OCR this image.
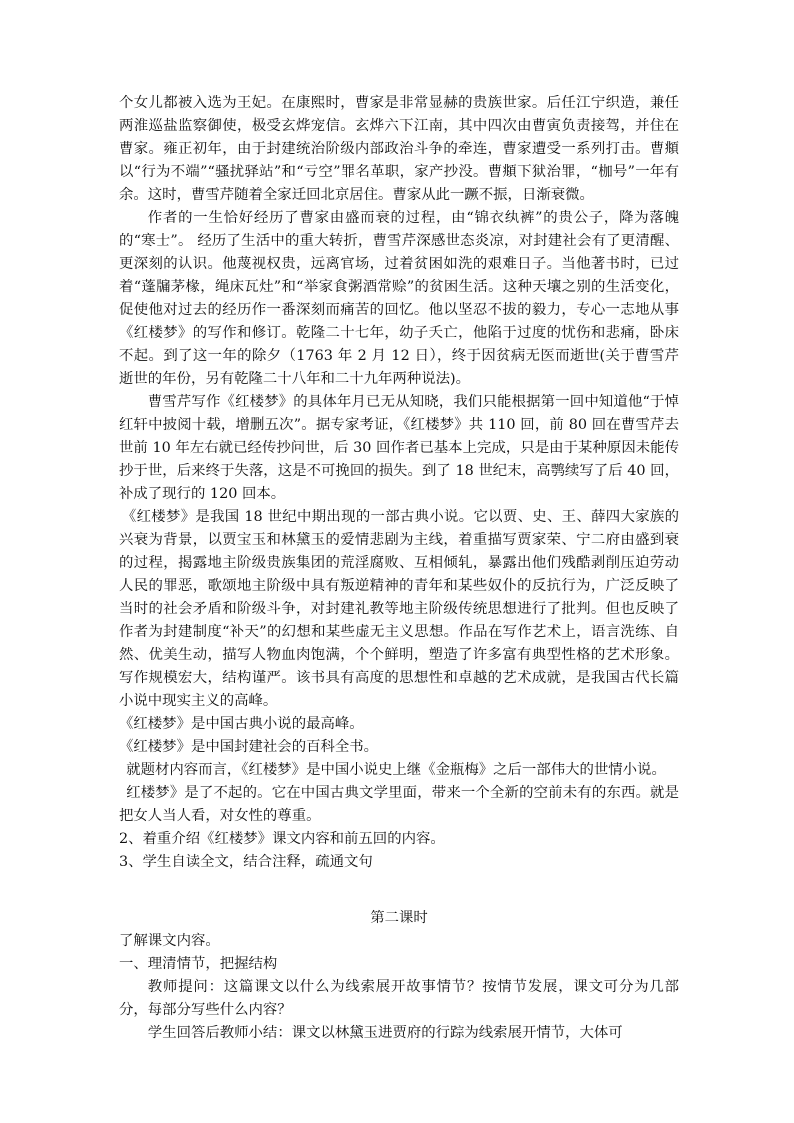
个女儿都被入选为王妃。在康熙时，曹家是非常显赫的贵族世家。后任江宁织造，兼任两淮巡盐监察御使，极受玄烨宠信。玄烨六下江南，其中四次由曹寅负责接驾，并住在曹家。雍正初年，由于封建统治阶级内部政治斗争的牵连，曹家遭受一系列打击。曹頫以“行为不端”“骚扰驿站”和“亏空”罪名革职，家产抄没。曹頫下狱治罪，“枷号”一年有余。这时，曹雪芹随着全家迁回北京居住。曹家从此一蹶不振，日渐衰微。

作者的一生恰好经历了曹家由盛而衰的过程，由“锦衣纨裤”的贵公子，降为落魄的“寒士”。 经历了生活中的重大转折，曹雪芹深感世态炎凉，对封建社会有了更清醒、更深刻的认识。他蔑视权贵，远离官场，过着贫困如洗的艰难日子。当他著书时，已过着“蓬牖茅椽，绳床瓦灶”和“举家食粥酒常赊”的贫困生活。这种天壤之别的生活变化，促使他对过去的经历作一番深刻而痛苦的回忆。他以坚忍不拔的毅力，专心一志地从事《红楼梦》的写作和修订。乾隆二十七年，幼子夭亡，他陷于过度的忧伤和悲痛，卧床不起。到了这一年的除夕（1763 年 2 月 12 日），终于因贫病无医而逝世(关于曹雪芹逝世的年份，另有乾隆二十八年和二十九年两种说法)。

曹雪芹写作《红楼梦》的具体年月已无从知晓，我们只能根据第一回中知道他“于悼红轩中披阅十载，增删五次”。据专家考证，《红楼梦》共 110 回，前 80 回在曹雪芹去世前 10 年左右就已经传抄问世，后 30 回作者已基本上完成，只是由于某种原因未能传抄于世，后来终于失落，这是不可挽回的损失。到了 18 世纪末，高鹗续写了后 40 回，补成了现行的 120 回本。

《红楼梦》是我国 18 世纪中期出现的一部古典小说。它以贾、史、王、薛四大家族的兴衰为背景，以贾宝玉和林黛玉的爱情悲剧为主线，着重描写贾家荣、宁二府由盛到衰的过程，揭露地主阶级贵族集团的荒淫腐败、互相倾轧，暴露出他们残酷剥削压迫劳动人民的罪恶，歌颂地主阶级中具有叛逆精神的青年和某些奴仆的反抗行为，广泛反映了当时的社会矛盾和阶级斗争，对封建礼教等地主阶级传统思想进行了批判。但也反映了作者为封建制度“补天”的幻想和某些虚无主义思想。作品在写作艺术上，语言洗练、自然、优美生动，描写人物血肉饱满，个个鲜明，塑造了许多富有典型性格的艺术形象。写作规模宏大，结构谨严。该书具有高度的思想性和卓越的艺术成就，是我国古代长篇小说中现实主义的高峰。

《红楼梦》是中国古典小说的最高峰。

《红楼梦》是中国封建社会的百科全书。

就题材内容而言，《红楼梦》是中国小说史上继《金瓶梅》之后一部伟大的世情小说。

红楼梦》是了不起的。它在中国古典文学里面，带来一个全新的空前未有的东西。就是把女人当人看，对女性的尊重。

2、着重介绍《红楼梦》课文内容和前五回的内容。

3、学生自读全文，结合注释，疏通文句

第二课时

了解课文内容。

一、理清情节，把握结构

教师提问：这篇课文以什么为线索展开故事情节？按情节发展，课文可分为几部分，每部分写些什么内容？

学生回答后教师小结：课文以林黛玉进贾府的行踪为线索展开情节，大体可
